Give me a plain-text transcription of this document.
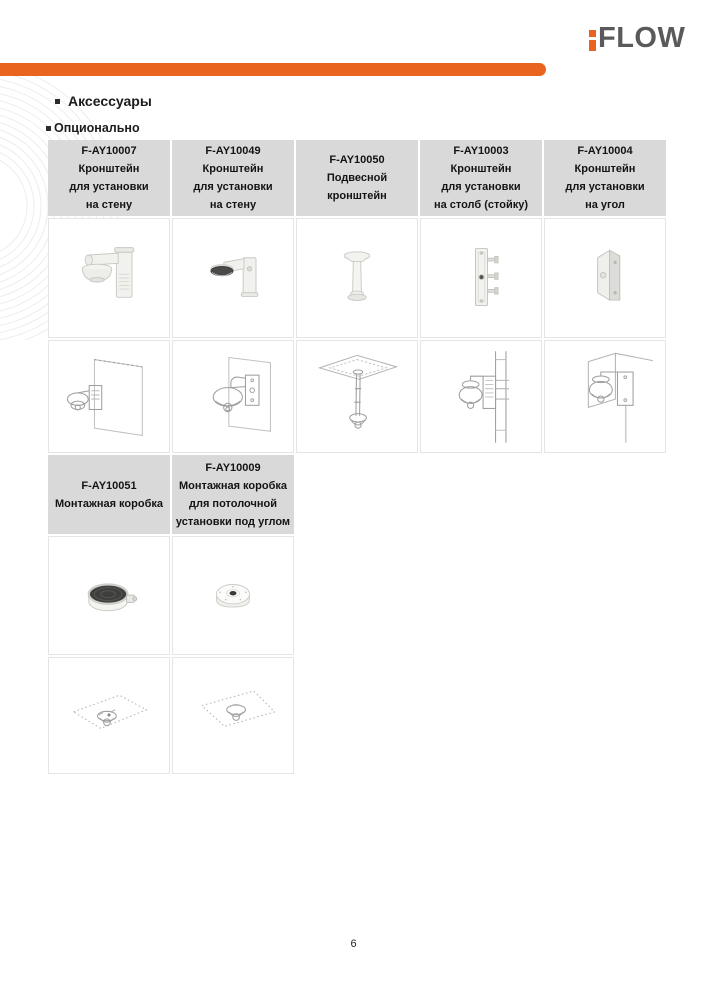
FLOW
Аксессуары
Опционально
F-AY10007
Кронштейн
для установки
на стену
F-AY10049
Кронштейн
для установки
на стену
F-AY10050
Подвесной
кронштейн
F-AY10003
Кронштейн
для установки
на столб (стойку)
F-AY10004
Кронштейн
для установки
на угол
F-AY10051
Монтажная коробка
F-AY10009
Монтажная коробка
для потолочной
установки под углом
6
